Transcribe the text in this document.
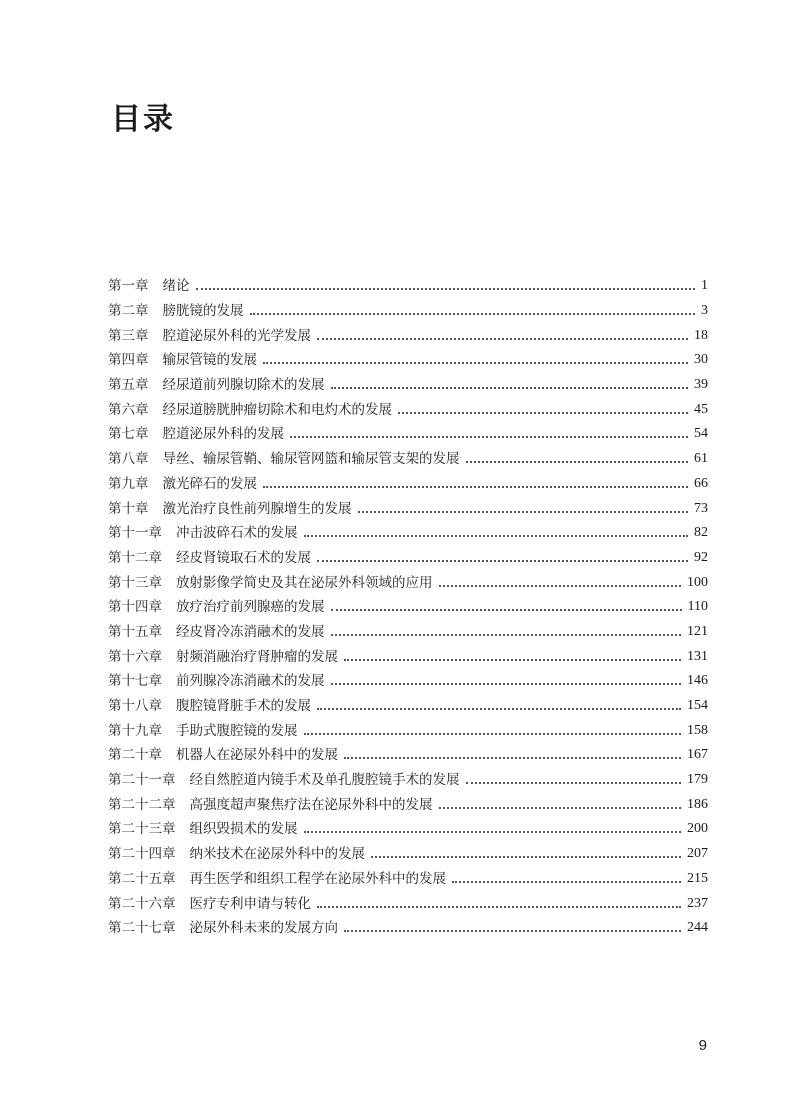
目录
第一章 绪论	1
第二章 膀胱镜的发展	3
第三章 腔道泌尿外科的光学发展	18
第四章 输尿管镜的发展	30
第五章 经尿道前列腺切除术的发展	39
第六章 经尿道膀胱肿瘤切除术和电灼术的发展	45
第七章 腔道泌尿外科的发展	54
第八章 导丝、输尿管鞘、输尿管网篮和输尿管支架的发展	61
第九章 激光碎石的发展	66
第十章 激光治疗良性前列腺增生的发展	73
第十一章 冲击波碎石术的发展	82
第十二章 经皮肾镜取石术的发展	92
第十三章 放射影像学简史及其在泌尿外科领域的应用	100
第十四章 放疗治疗前列腺癌的发展	110
第十五章 经皮肾冷冻消融术的发展	121
第十六章 射频消融治疗肾肿瘤的发展	131
第十七章 前列腺冷冻消融术的发展	146
第十八章 腹腔镜肾脏手术的发展	154
第十九章 手助式腹腔镜的发展	158
第二十章 机器人在泌尿外科中的发展	167
第二十一章 经自然腔道内镜手术及单孔腹腔镜手术的发展	179
第二十二章 高强度超声聚焦疗法在泌尿外科中的发展	186
第二十三章 组织毁损术的发展	200
第二十四章 纳米技术在泌尿外科中的发展	207
第二十五章 再生医学和组织工程学在泌尿外科中的发展	215
第二十六章 医疗专利申请与转化	237
第二十七章 泌尿外科未来的发展方向	244
9
